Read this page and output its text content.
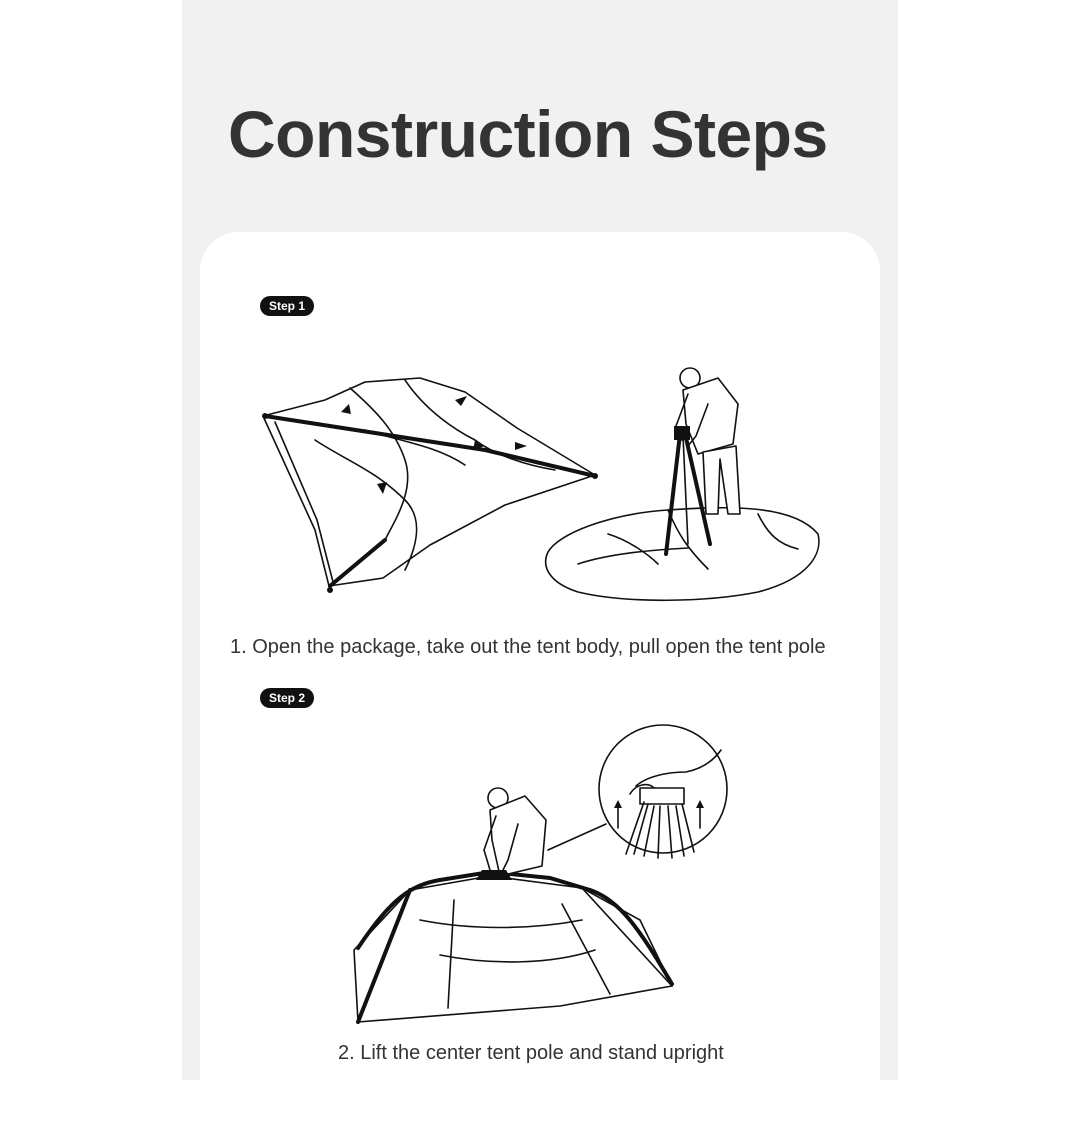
Construction Steps
Step 1
1. Open the package, take out the tent body, pull open the tent pole
Step 2
2. Lift the center tent pole and stand upright
